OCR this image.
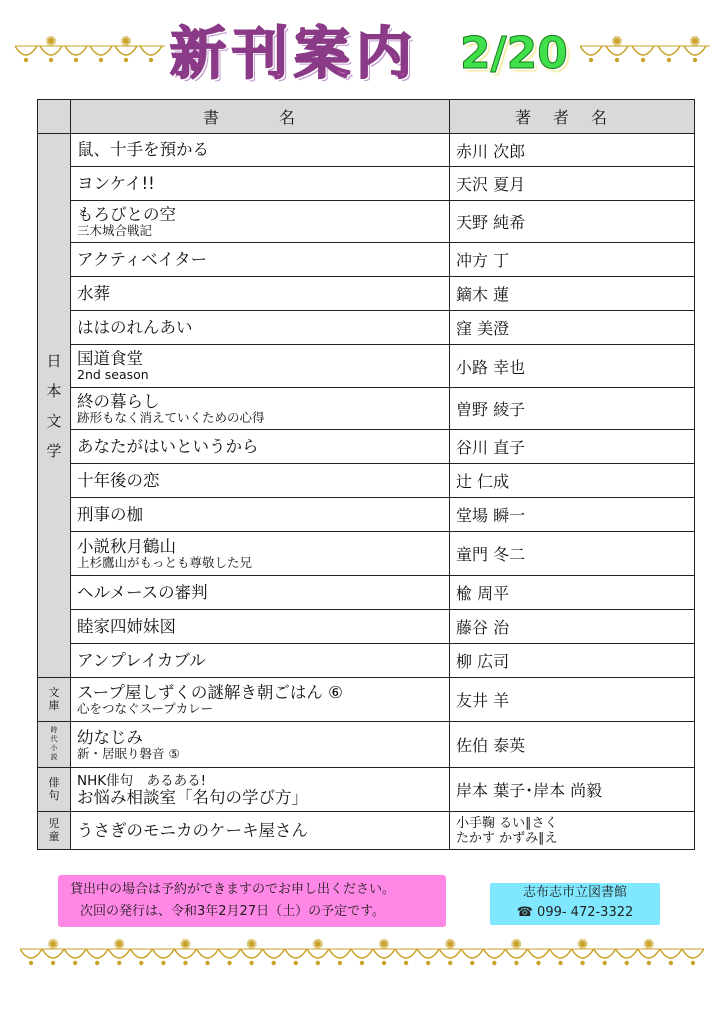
✺	✺ 新刊案内 2/20	✺	✺
	書　名	著者名

日
本
文
学	鼠、十手を預かる	赤川 次郎

	ヨンケイ!!	天沢 夏月

	もろびとの空
三木城合戦記	天野 純希

	アクティベイター	冲方 丁

	水葬	鏑木 蓮

	ははのれんあい	窪 美澄

	国道食堂
2nd season	小路 幸也

	終の暮らし
跡形もなく消えていくための心得	曽野 綾子

	あなたがはいというから	谷川 直子

	十年後の恋	辻 仁成

	刑事の枷	堂場 瞬一

	小説秋月鶴山
上杉鷹山がもっとも尊敬した兄	童門 冬二

	ヘルメースの審判	楡 周平

	睦家四姉妹図	藤谷 治

	アンプレイカブル	柳 広司

文
庫	スープ屋しずくの謎解き朝ごはん ⑥
心をつなぐスープカレー	友井 羊

時
代
小
説	幼なじみ
新・居眠り磐音 ⑤	佐伯 泰英

俳
句	NHK俳句　あるある!
お悩み相談室「名句の学び方」	岸本 葉子･岸本 尚毅

児
童	うさぎのモニカのケーキ屋さん	小手鞠 るい∥さく
たかす かずみ∥え
貸出中の場合は予約ができますのでお申し出ください。
次回の発行は、令和3年2月27日（土）の予定です。
志布志市立図書館
☎ 099- 472-3322
✺	✺	✺	✺	✺	✺	✺	✺	✺	✺
